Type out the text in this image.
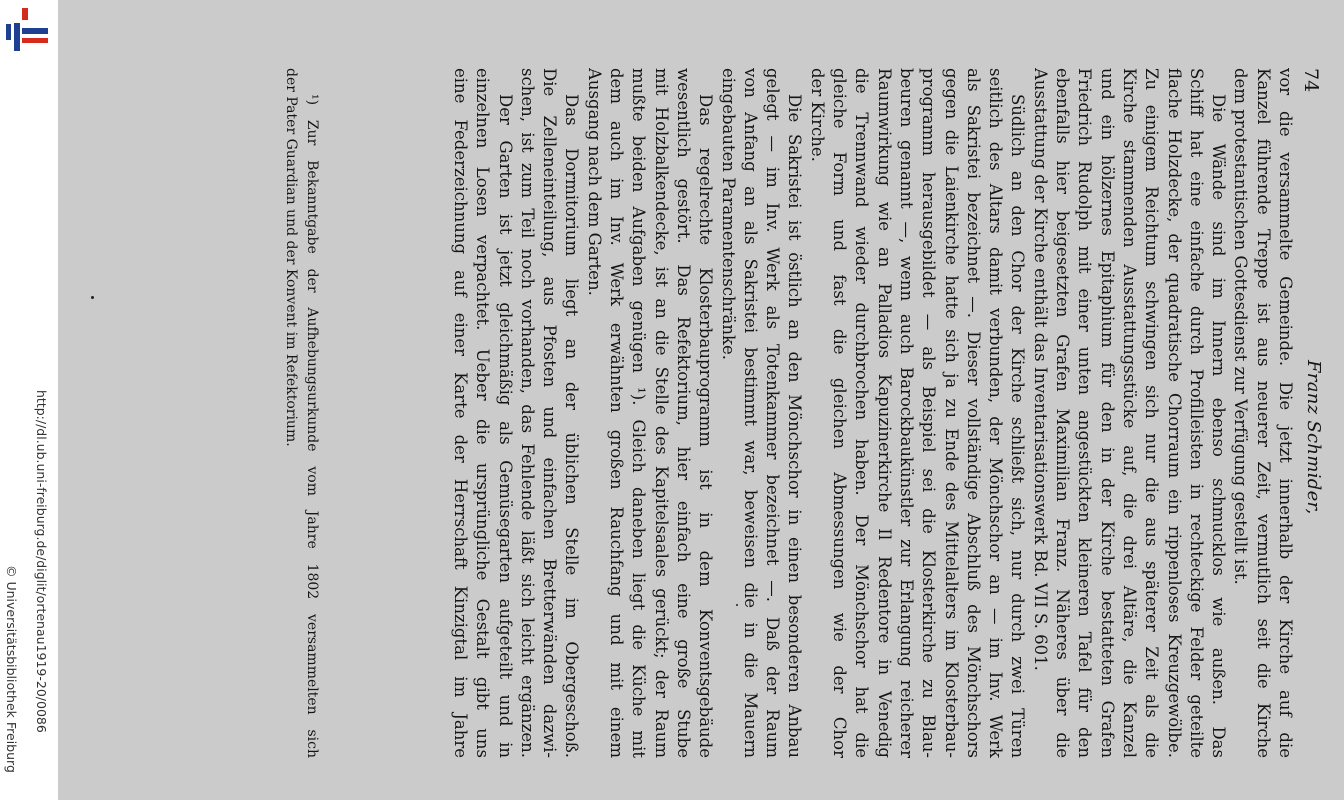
http://dl.ub.uni-freiburg.de/diglit/ortenau1919-20/0086
© Universitätsbibliothek Freiburg
74
Franz Schmider,
vor die versammelte Gemeinde. Die jetzt innerhalb der Kirche auf die
Kanzel führende Treppe ist aus neuerer Zeit, vermutlich seit die Kirche
dem protestantischen Gottesdienst zur Verfügung gestellt ist.
Die Wände sind im Innern ebenso schmucklos wie außen. Das
Schiff hat eine einfache durch Profilleisten in rechteckige Felder geteilte
flache Holzdecke, der quadratische Chorraum ein rippenloses Kreuzgewölbe.
Zu einigem Reichtum schwingen sich nur die aus späterer Zeit als die
Kirche stammenden Ausstattungsstücke auf, die drei Altäre, die Kanzel
und ein hölzernes Epitaphium für den in der Kirche bestatteten Grafen
Friedrich Rudolph mit einer unten angestückten kleineren Tafel für den
ebenfalls hier beigesetzten Grafen Maximilian Franz. Näheres über die
Ausstattung der Kirche enthält das Inventarisationswerk Bd. VII S. 601.
Südlich an den Chor der Kirche schließt sich, nur durch zwei Türen
seitlich des Altars damit verbunden, der Mönchschor an — im Inv. Werk
als Sakristei bezeichnet —. Dieser vollständige Abschluß des Mönchschors
gegen die Laienkirche hatte sich ja zu Ende des Mittelalters im Klosterbau-
programm herausgebildet — als Beispiel sei die Klosterkirche zu Blau-
beuren genannt —, wenn auch Barockbaukünstler zur Erlangung reicherer
Raumwirkung wie an Palladios Kapuzinerkirche Il Redentore in Venedig
die Trennwand wieder durchbrochen haben. Der Mönchschor hat die
gleiche Form und fast die gleichen Abmessungen wie der Chor
der Kirche.
Die Sakristei ist östlich an den Mönchschor in einen besonderen Anbau
gelegt — im Inv. Werk als Totenkammer bezeichnet —. Daß der Raum
von Anfang an als Sakristei bestimmt war, beweisen die in die Mauern
eingebauten Paramentenschränke.
Das regelrechte Klosterbauprogramm ist in dem Konventsgebäude
wesentlich gestört. Das Refektorium, hier einfach eine große Stube
mit Holzbalkendecke, ist an die Stelle des Kapitelsaales gerückt; der Raum
mußte beiden Aufgaben genügen ¹). Gleich daneben liegt die Küche mit
dem auch im Inv. Werk erwähnten großen Rauchfang und mit einem
Ausgang nach dem Garten.
Das Dormitorium liegt an der üblichen Stelle im Obergeschoß.
Die Zelleneinteilung, aus Pfosten und einfachen Bretterwänden dazwi-
schen, ist zum Teil noch vorhanden, das Fehlende läßt sich leicht ergänzen.
Der Garten ist jetzt gleichmäßig als Gemüsegarten aufgeteilt und in
einzelnen Losen verpachtet. Ueber die ursprüngliche Gestalt gibt uns
eine Federzeichnung auf einer Karte der Herrschaft Kinzigtal im Jahre
¹) Zur Bekanntgabe der Aufhebungsurkunde vom Jahre 1802 versammelten sich
der Pater Guardian und der Konvent im Refektorium.
